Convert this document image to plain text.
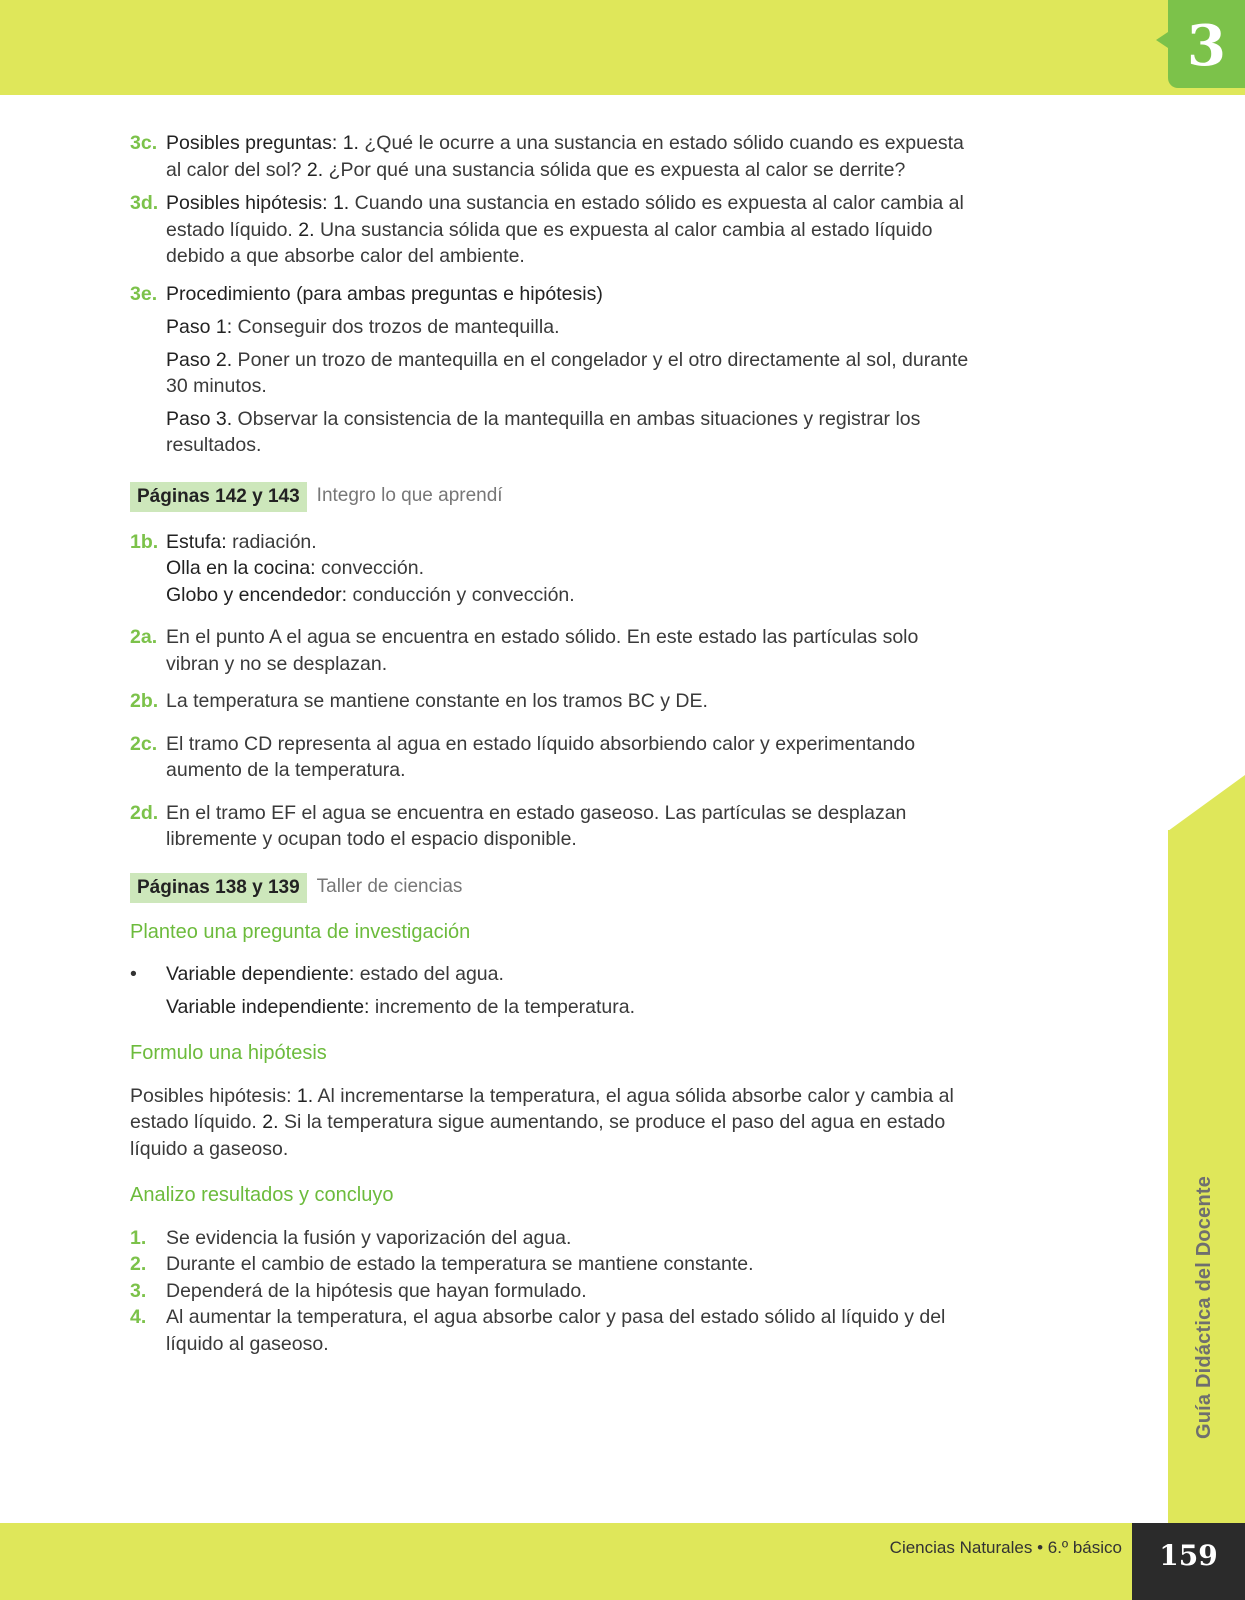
3
Guía Didáctica del Docente
Ciencias Naturales • 6.º básico	159
3c. Posibles preguntas: 1. ¿Qué le ocurre a una sustancia en estado sólido cuando es expuesta al calor del sol? 2. ¿Por qué una sustancia sólida que es expuesta al calor se derrite?
3d. Posibles hipótesis: 1. Cuando una sustancia en estado sólido es expuesta al calor cambia al estado líquido. 2. Una sustancia sólida que es expuesta al calor cambia al estado líquido debido a que absorbe calor del ambiente.
3e. Procedimiento (para ambas preguntas e hipótesis)
Paso 1: Conseguir dos trozos de mantequilla.
Paso 2. Poner un trozo de mantequilla en el congelador y el otro directamente al sol, durante 30 minutos.
Paso 3. Observar la consistencia de la mantequilla en ambas situaciones y registrar los resultados.
Páginas 142 y 143 Integro lo que aprendí
1b. Estufa: radiación.
Olla en la cocina: convección.
Globo y encendedor: conducción y convección.
2a. En el punto A el agua se encuentra en estado sólido. En este estado las partículas solo vibran y no se desplazan.
2b. La temperatura se mantiene constante en los tramos BC y DE.
2c. El tramo CD representa al agua en estado líquido absorbiendo calor y experimentando aumento de la temperatura.
2d. En el tramo EF el agua se encuentra en estado gaseoso. Las partículas se desplazan libremente y ocupan todo el espacio disponible.
Páginas 138 y 139 Taller de ciencias
Planteo una pregunta de investigación
• Variable dependiente: estado del agua.
Variable independiente: incremento de la temperatura.
Formulo una hipótesis
Posibles hipótesis: 1. Al incrementarse la temperatura, el agua sólida absorbe calor y cambia al estado líquido. 2. Si la temperatura sigue aumentando, se produce el paso del agua en estado líquido a gaseoso.
Analizo resultados y concluyo
1. Se evidencia la fusión y vaporización del agua.
2. Durante el cambio de estado la temperatura se mantiene constante.
3. Dependerá de la hipótesis que hayan formulado.
4. Al aumentar la temperatura, el agua absorbe calor y pasa del estado sólido al líquido y del líquido al gaseoso.
